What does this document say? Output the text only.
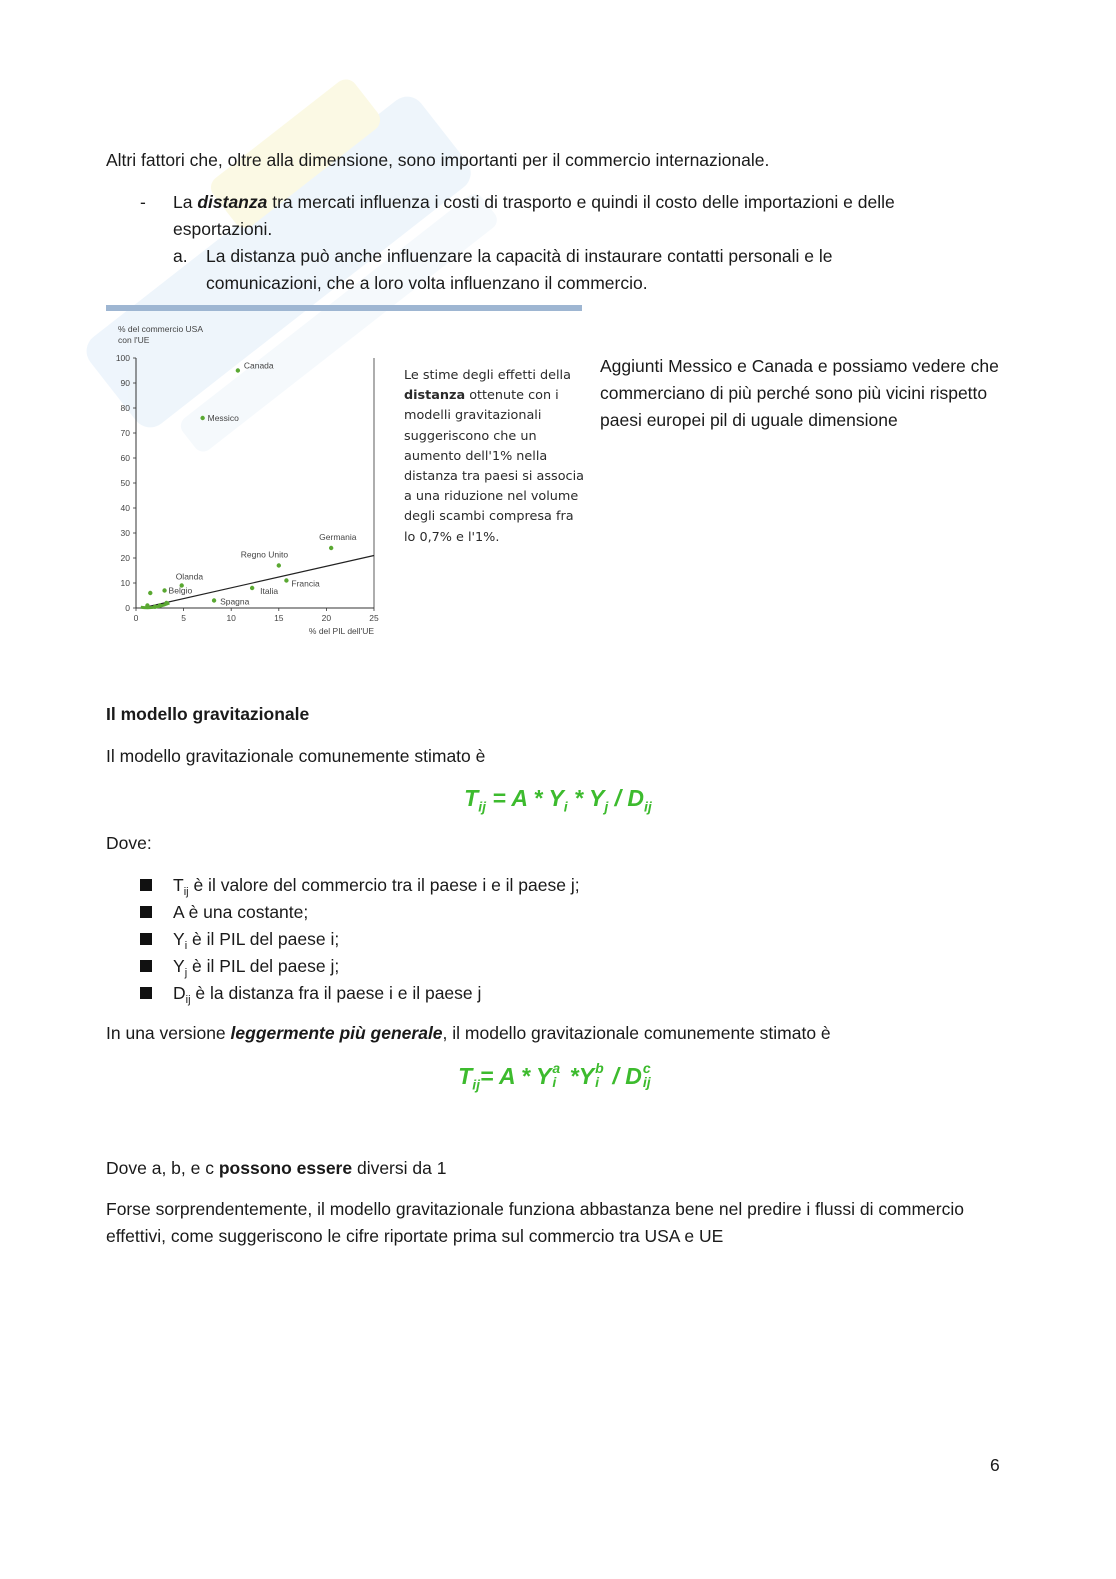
Altri fattori che, oltre alla dimensione, sono importanti per il commercio internazionale.
- La distanza tra mercati influenza i costi di trasporto e quindi il costo delle importazioni e delle esportazioni.
a. La distanza può anche influenzare la capacità di instaurare contatti personali e le comunicazioni, che a loro volta influenzano il commercio.
% del commercio USA
con l'UE
0
10
20
30
40
50
60
70
80
90
100
0	5	10	15	20	25
% del PIL dell'UE
Canada
Messico
Germania
Regno Unito
Francia
Italia
Spagna
Olanda
Belgio
Le stime degli effetti della distanza ottenute con i modelli gravitazionali suggeriscono che un aumento dell'1% nella distanza tra paesi si associa a una riduzione nel volume degli scambi compresa fra lo 0,7% e l'1%.
Aggiunti Messico e Canada e possiamo vedere che commerciano di più perché sono più vicini rispetto paesi europei pil di uguale dimensione
Il modello gravitazionale
Il modello gravitazionale comunemente stimato è
$T_{ij} = A * Y_i * Y_j / D_{ij}$
Dove:
$T_{ij}$ è il valore del commercio tra il paese i e il paese j;
A è una costante;
$Y_i$ è il PIL del paese i;
$Y_j$ è il PIL del paese j;
$D_{ij}$ è la distanza fra il paese i e il paese j
In una versione leggermente più generale, il modello gravitazionale comunemente stimato è
$T_{ij}= A * Y$ a
i *Y b
i / D c
ij
Dove a, b, e c possono essere diversi da 1
Forse sorprendentemente, il modello gravitazionale funziona abbastanza bene nel predire i flussi di commercio effettivi, come suggeriscono le cifre riportate prima sul commercio tra USA e UE
6
